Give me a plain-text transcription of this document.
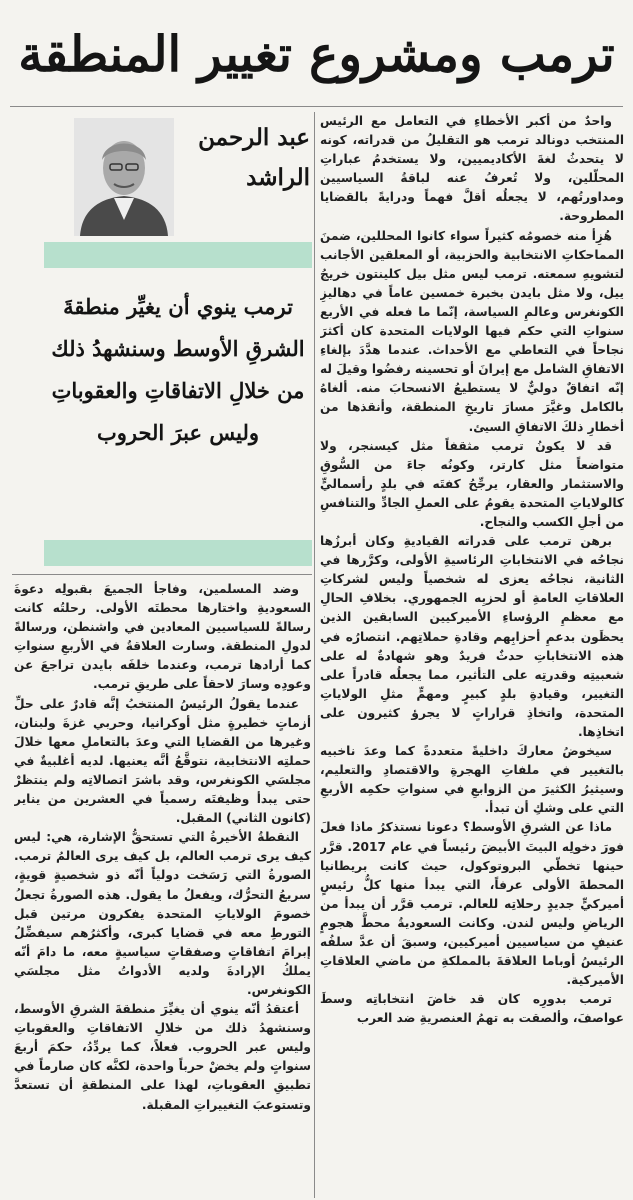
ترمب ومشروع تغيير المنطقة
عبد الرحمن
الراشد

ترمب ينوي أن يغيِّر منطقةَ الشرقِ الأوسط وسنشهدُ ذلك من خلالِ الاتفاقاتِ والعقوباتِ وليس عبرَ الحروب

واحدٌ من أكبر الأخطاءِ في التعامل مع الرئيس المنتخب دونالد ترمب هو التقليلُ من قدراته، كونه لا يتحدثُ لغةَ الأكاديميين، ولا يستخدمُ عباراتِ المحلّلين، ولا تُعرفُ عنه لباقةُ السياسيين ومداورتُهم، لا يجعلُه أقلَّ فهماً ودرايةً بالقضايا المطروحة.

هُزِأ منه خصومُه كثيراً سواء كانوا المحللين، ضمنَ المماحكاتِ الانتخابية والحزبية، أو المعلقين الأجانب لتشويهِ سمعته. ترمب ليس مثل بيل كلينتون خريجُ ييل، ولا مثل بايدن بخبرة خمسين عاماً في دهاليزِ الكونغرس وعالمِ السياسة، إنّما ما فعله في الأربع سنواتِ التي حكم فيها الولايات المتحدة كان أكثرَ نجاحاً في التعاطي مع الأحداث. عندما هدَّدَ بإلغاءِ الاتفاقِ الشامل مع إيرانَ أو تحسينه رفضُوا وقيلَ له إنّه اتفاقٌ دوليٌّ لا يستطيعُ الانسحابَ منه. ألغاهُ بالكامل وغيَّرَ مسارَ تاريخِ المنطقة، وأنقذها من أخطارِ ذلكَ الاتفاقِ السيئ.

قد لا يكونُ ترمب مثقفاً مثل كيسنجر، ولا متواضعاً مثل كارتر، وكونُه جاءَ من السُّوقِ والاستثمار والعقار، يرجِّحُ كفتَه في بلدٍ رأسماليٍّ كالولاياتِ المتحدة يقومُ على العملِ الجادِّ والتنافسِ من أجلِ الكسب والنجاح.

برهن ترمب على قدراته القياديةِ وكان أبرزُها نجاحُه في الانتخاباتِ الرئاسيةِ الأولى، وكرَّرها في الثانية، نجاحُه يعزى له شخصياً وليس لشركاتِ العلاقاتِ العامةِ أو لحزبِه الجمهوري. بخلافِ الحالِ مع معظمِ الرؤساءِ الأميركيين السابقين الذين يحظَون بدعمِ أحزابِهم وقادةِ حملاتِهم. انتصارُه في هذه الانتخاباتِ حدثٌ فريدٌ وهو شهادةٌ له على شعبيتِه وقدرتِه على التأثير، مما يجعلُه قادراً على التغيير، وقيادةِ بلدٍ كبيرٍ ومهمٍّ مثلِ الولاياتِ المتحدة، واتخاذِ قراراتٍ لا يجرؤ كثيرون على اتخاذِها.

سيخوضُ معاركَ داخليةً متعددةً كما وعدَ ناخبيه بالتغيير في ملفاتِ الهجرةِ والاقتصادِ والتعليم، وسيثيرُ الكثيرَ من الزوابعِ في سنواتِ حكمِه الأربعِ التي على وشكِ أن تبدأ.

ماذا عن الشرقِ الأوسط؟ دعونا نستذكرُ ماذا فعلَ فورَ دخولِه البيتَ الأبيضَ رئيساً في عام 2017. قرَّر حينها تخطّي البروتوكول، حيث كانت بريطانيا المحطةَ الأولى عرفاً، التي يبدأ منها كلُّ رئيسٍ أميركيٍّ جديدٍ رحلاتِه للعالم. ترمب قرَّر أن يبدأ من الرياضِ وليس لندن. وكانت السعوديةُ محطَّ هجومٍ عنيفٍ من سياسيين أميركيين، وسبقَ أن عدَّ سلفُه الرئيسُ أوباما العلاقةَ بالمملكةِ من ماضي العلاقاتِ الأميركية.

ترمب بدورِه كان قد خاضَ انتخاباتِه وسطَ عواصفَ، وألصقت به تهمُ العنصريةِ ضد العرب

وضد المسلمين، وفاجأ الجميعَ بقبولِه دعوةَ السعوديةِ واختارها محطتَه الأولى. رحلتُه كانت رسالةً للسياسيين المعادين في واشنطن، ورسالةً لدولِ المنطقة. وسارت العلاقةُ في الأربعِ سنواتِ كما أرادها ترمب، وعندما خلفَه بايدن تراجعَ عن وعودِه وسارَ لاحقاً على طريقِ ترمب.

عندما يقولُ الرئيسُ المنتخبُ إنَّه قادرٌ على حلِّ أزماتٍ خطيرةٍ مثل أوكرانيا، وحربي غزةَ ولبنان، وغيرها من القضايا التي وعدَ بالتعاملِ معها خلالَ حملتِه الانتخابية، نتوقَّعُ أنَّه يعنيها. لديه أغلبيةٌ في مجلسَي الكونغرس، وقد باشرَ اتصالاتِه ولم ينتظرْ حتى يبدأ وظيفتَه رسمياً في العشرين من يناير (كانون الثاني) المقبل.

النقطةُ الأخيرةُ التي تستحقُّ الإشارة، هي: ليس كيف يرى ترمب العالم، بل كيف يرى العالمُ ترمب. الصورةُ التي رَسَخت دولياً أنّه ذو شخصيةٍ قويةٍ، سريعُ التحرُّك، ويفعلُ ما يقول. هذه الصورةُ تجعلُ خصومَ الولاياتِ المتحدة يفكرون مرتين قبل التورطِ معه في قضايا كبرى، وأكثرُهم سيفضِّلُ إبرامَ اتفاقاتٍ وصفقاتٍ سياسيةٍ معه، ما دامَ أنّه يملكُ الإرادةَ ولديه الأدواتُ مثل مجلسَي الكونغرس.

أعتقدُ أنّه ينوي أن يغيِّرَ منطقةَ الشرقِ الأوسط، وسنشهدُ ذلك من خلالِ الاتفاقاتِ والعقوباتِ وليس عبر الحروب. فعلاً، كما يردِّدُ، حكمَ أربعَ سنواتٍ ولم يخضْ حرباً واحدة، لكنَّه كان صارماً في تطبيقِ العقوباتِ، لهذا على المنطقةِ أن تستعدَّ وتستوعبَ التغييراتِ المقبلة.
